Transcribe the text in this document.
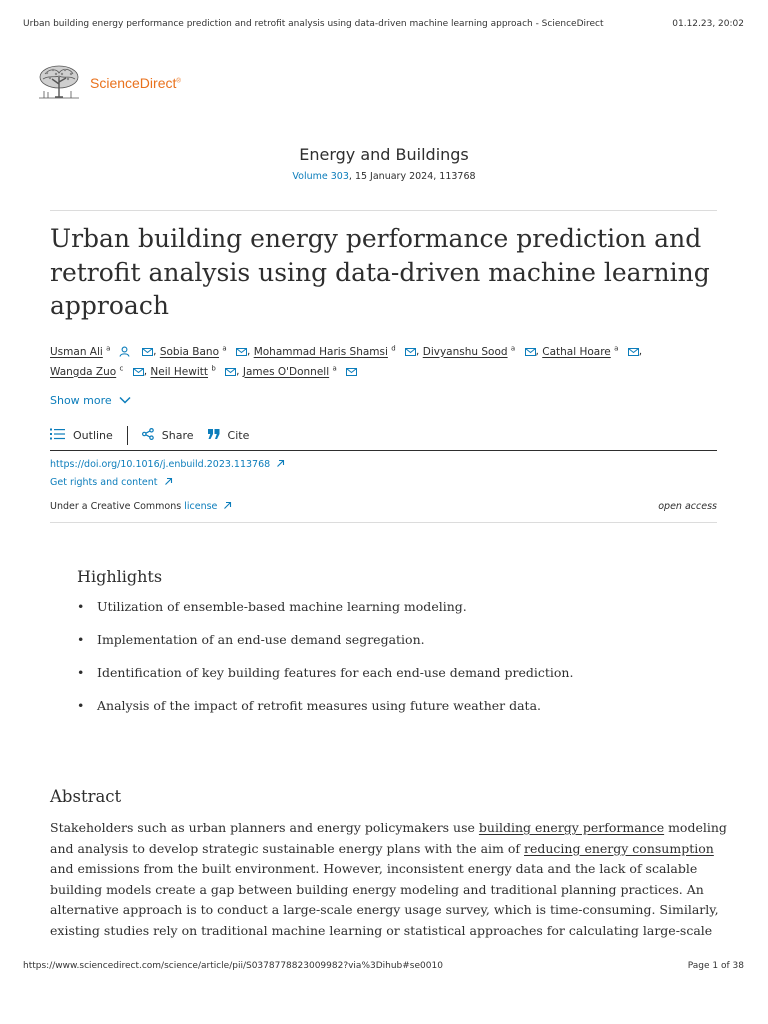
Urban building energy performance prediction and retrofit analysis using data-driven machine learning approach - ScienceDirect	01.12.23, 20:02
ScienceDirect®
Energy and Buildings
Volume 303, 15 January 2024, 113768
Urban building energy performance prediction and retrofit analysis using data-driven machine learning approach
Usman Ali $^a$	, Sobia Bano $^a$ , Mohammad Haris Shamsi $^d$ , Divyanshu Sood $^a$ , Cathal Hoare $^a$ ,
Wangda Zuo $^c$ , Neil Hewitt $^b$ , James O'Donnell $^a$
Show more
Outline	Share	Cite
https://doi.org/10.1016/j.enbuild.2023.113768
Get rights and content
Under a Creative Commons license	open access
Highlights
•	Utilization of ensemble-based machine learning modeling.
•	Implementation of an end-use demand segregation.
•	Identification of key building features for each end-use demand prediction.
•	Analysis of the impact of retrofit measures using future weather data.
Abstract
Stakeholders such as urban planners and energy policymakers use building energy performance modeling
and analysis to develop strategic sustainable energy plans with the aim of reducing energy consumption
and emissions from the built environment. However, inconsistent energy data and the lack of scalable
building models create a gap between building energy modeling and traditional planning practices. An
alternative approach is to conduct a large-scale energy usage survey, which is time-consuming. Similarly,
existing studies rely on traditional machine learning or statistical approaches for calculating large-scale
https://www.sciencedirect.com/science/article/pii/S0378778823009982?via%3Dihub#se0010	Page 1 of 38
